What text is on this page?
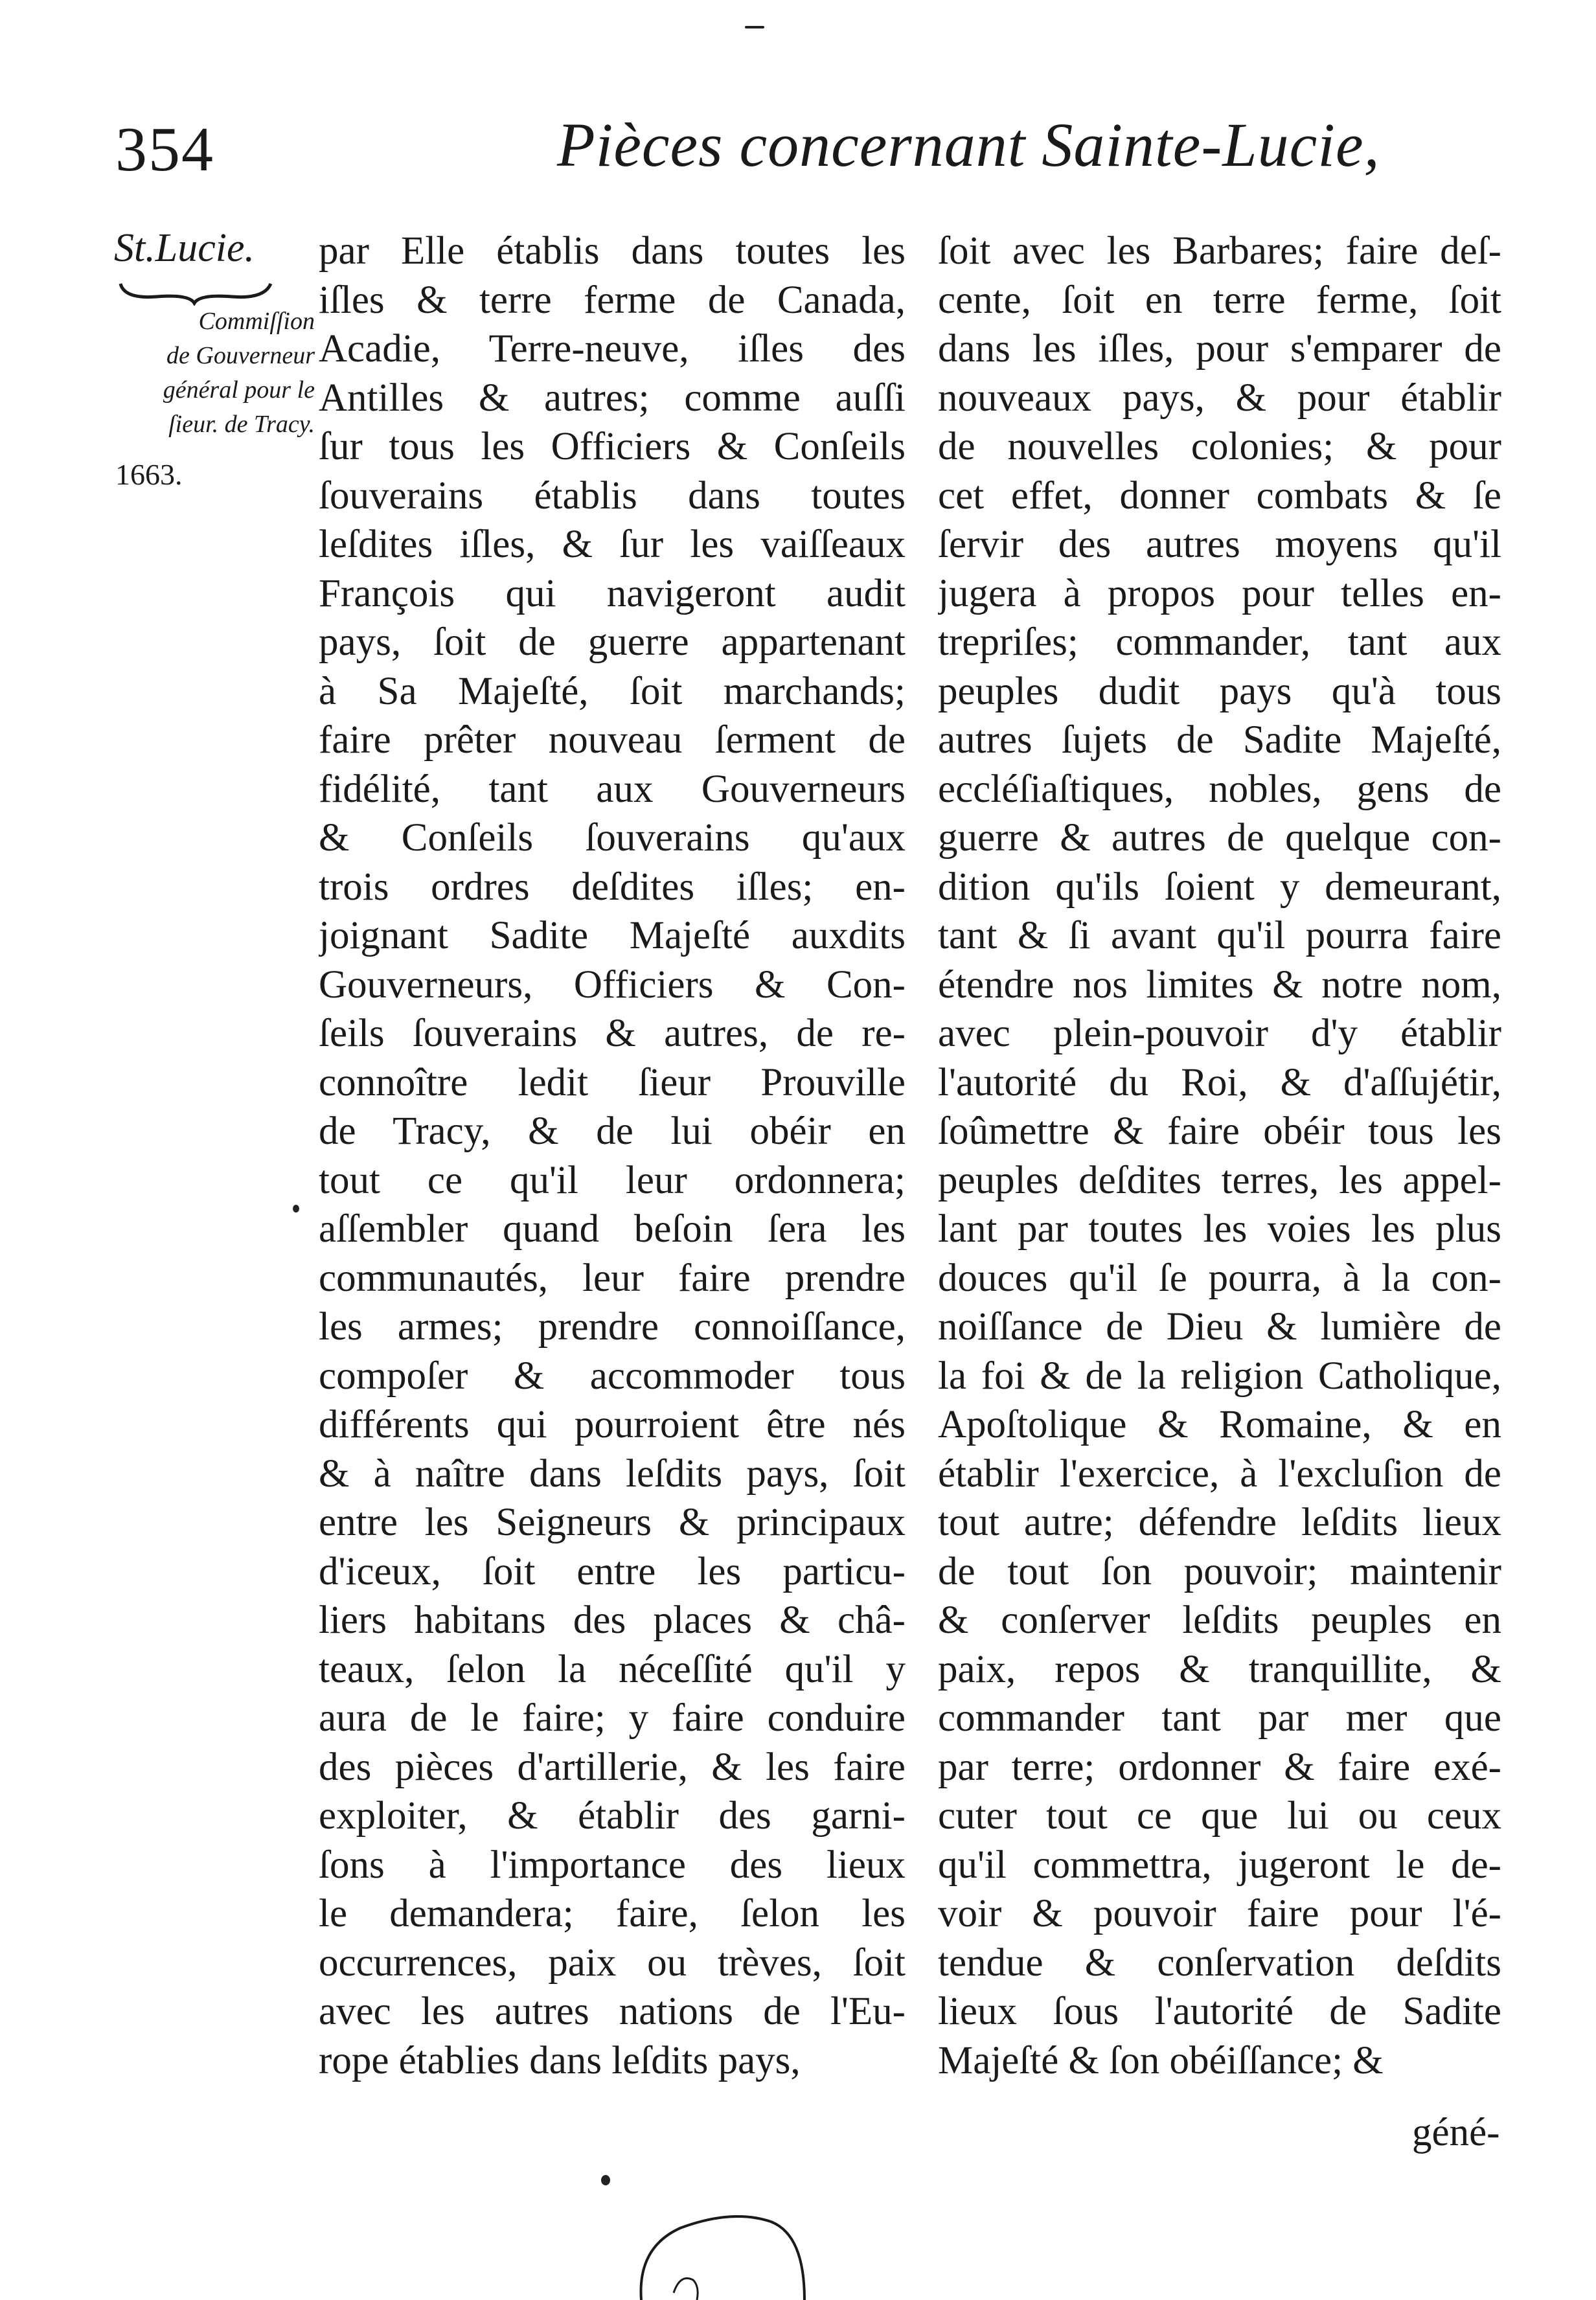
354	Pièces concernant Sainte-Lucie,
St.Lucie.
Commiſſion
de Gouverneur
général pour le
ſieur. de Tracy.
1663.
par Elle établis dans toutes les
iſles & terre ferme de Canada,
Acadie, Terre-neuve, iſles des
Antilles & autres; comme auſſi
ſur tous les Officiers & Conſeils
ſouverains établis dans toutes
leſdites iſles, & ſur les vaiſſeaux
François qui navigeront audit
pays, ſoit de guerre appartenant
à Sa Majeſté, ſoit marchands;
faire prêter nouveau ſerment de
fidélité, tant aux Gouverneurs
& Conſeils ſouverains qu'aux
trois ordres deſdites iſles; en-
joignant Sadite Majeſté auxdits
Gouverneurs, Officiers & Con-
ſeils ſouverains & autres, de re-
connoître ledit ſieur Prouville
de Tracy, & de lui obéir en
tout ce qu'il leur ordonnera;
aſſembler quand beſoin ſera les
communautés, leur faire prendre
les armes; prendre connoiſſance,
compoſer & accommoder tous
différents qui pourroient être nés
& à naître dans leſdits pays, ſoit
entre les Seigneurs & principaux
d'iceux, ſoit entre les particu-
liers habitans des places & châ-
teaux, ſelon la néceſſité qu'il y
aura de le faire; y faire conduire
des pièces d'artillerie, & les faire
exploiter, & établir des garni-
ſons à l'importance des lieux
le demandera; faire, ſelon les
occurrences, paix ou trèves, ſoit
avec les autres nations de l'Eu-
rope établies dans leſdits pays,
ſoit avec les Barbares; faire deſ-
cente, ſoit en terre ferme, ſoit
dans les iſles, pour s'emparer de
nouveaux pays, & pour établir
de nouvelles colonies; & pour
cet effet, donner combats & ſe
ſervir des autres moyens qu'il
jugera à propos pour telles en-
trepriſes; commander, tant aux
peuples dudit pays qu'à tous
autres ſujets de Sadite Majeſté,
eccléſiaſtiques, nobles, gens de
guerre & autres de quelque con-
dition qu'ils ſoient y demeurant,
tant & ſi avant qu'il pourra faire
étendre nos limites & notre nom,
avec plein-pouvoir d'y établir
l'autorité du Roi, & d'aſſujétir,
ſoûmettre & faire obéir tous les
peuples deſdites terres, les appel-
lant par toutes les voies les plus
douces qu'il ſe pourra, à la con-
noiſſance de Dieu & lumière de
la foi & de la religion Catholique,
Apoſtolique & Romaine, & en
établir l'exercice, à l'excluſion de
tout autre; défendre leſdits lieux
de tout ſon pouvoir; maintenir
& conſerver leſdits peuples en
paix, repos & tranquillite, &
commander tant par mer que
par terre; ordonner & faire exé-
cuter tout ce que lui ou ceux
qu'il commettra, jugeront le de-
voir & pouvoir faire pour l'é-
tendue & conſervation deſdits
lieux ſous l'autorité de Sadite
Majeſté & ſon obéiſſance; &
géné-
